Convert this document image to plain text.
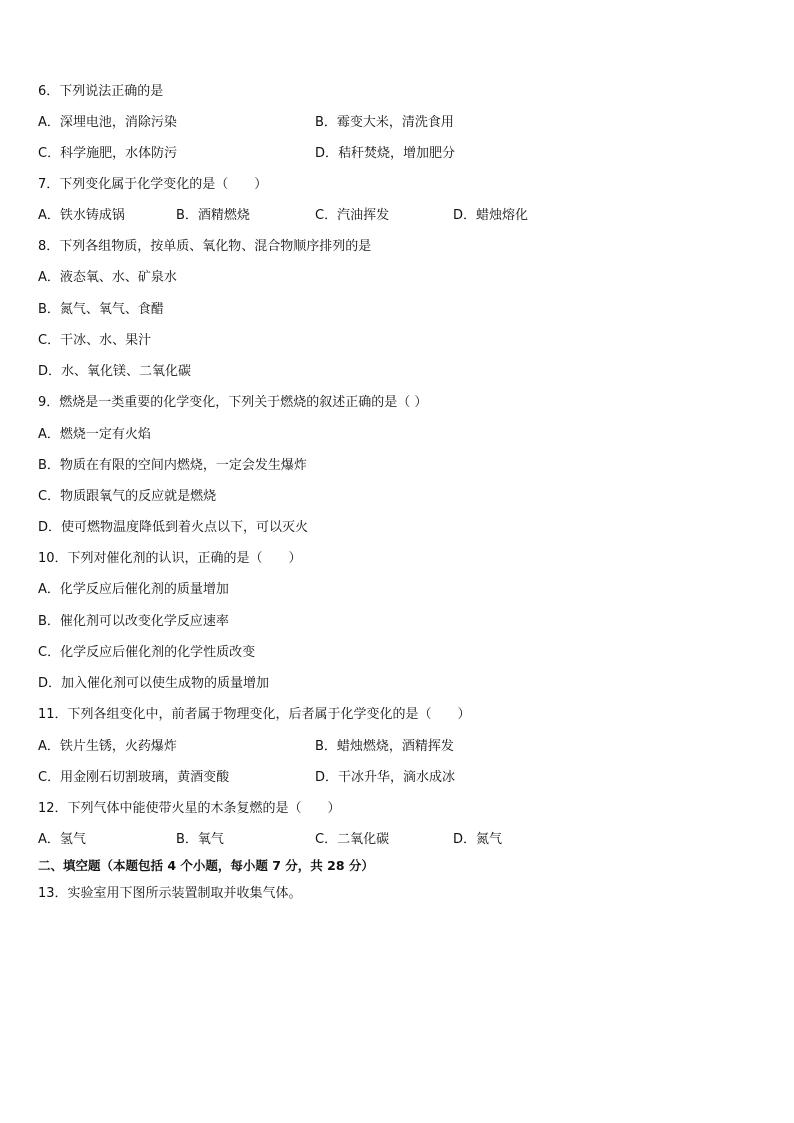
6．下列说法正确的是
A．深埋电池，消除污染	B．霉变大米，清洗食用
C．科学施肥，水体防污	D．秸秆焚烧，增加肥分
7．下列变化属于化学变化的是（　　）
A．铁水铸成锅	B．酒精燃烧	C．汽油挥发	D．蜡烛熔化
8．下列各组物质，按单质、氧化物、混合物顺序排列的是
A．液态氧、水、矿泉水
B．氮气、氧气、食醋
C．干冰、水、果汁
D．水、氧化镁、二氧化碳
9．燃烧是一类重要的化学变化，下列关于燃烧的叙述正确的是（ ）
A．燃烧一定有火焰
B．物质在有限的空间内燃烧，一定会发生爆炸
C．物质跟氧气的反应就是燃烧
D．使可燃物温度降低到着火点以下，可以灭火
10．下列对催化剂的认识，正确的是（　　）
A．化学反应后催化剂的质量增加
B．催化剂可以改变化学反应速率
C．化学反应后催化剂的化学性质改变
D．加入催化剂可以使生成物的质量增加
11．下列各组变化中，前者属于物理变化，后者属于化学变化的是（　　）
A．铁片生锈，火药爆炸	B．蜡烛燃烧，酒精挥发
C．用金刚石切割玻璃，黄酒变酸	D．干冰升华，滴水成冰
12．下列气体中能使带火星的木条复燃的是（　　）
A．氢气	B．氧气	C．二氧化碳	D．氮气
二、填空题（本题包括 4 个小题，每小题 7 分，共 28 分）
13．实验室用下图所示装置制取并收集气体。
